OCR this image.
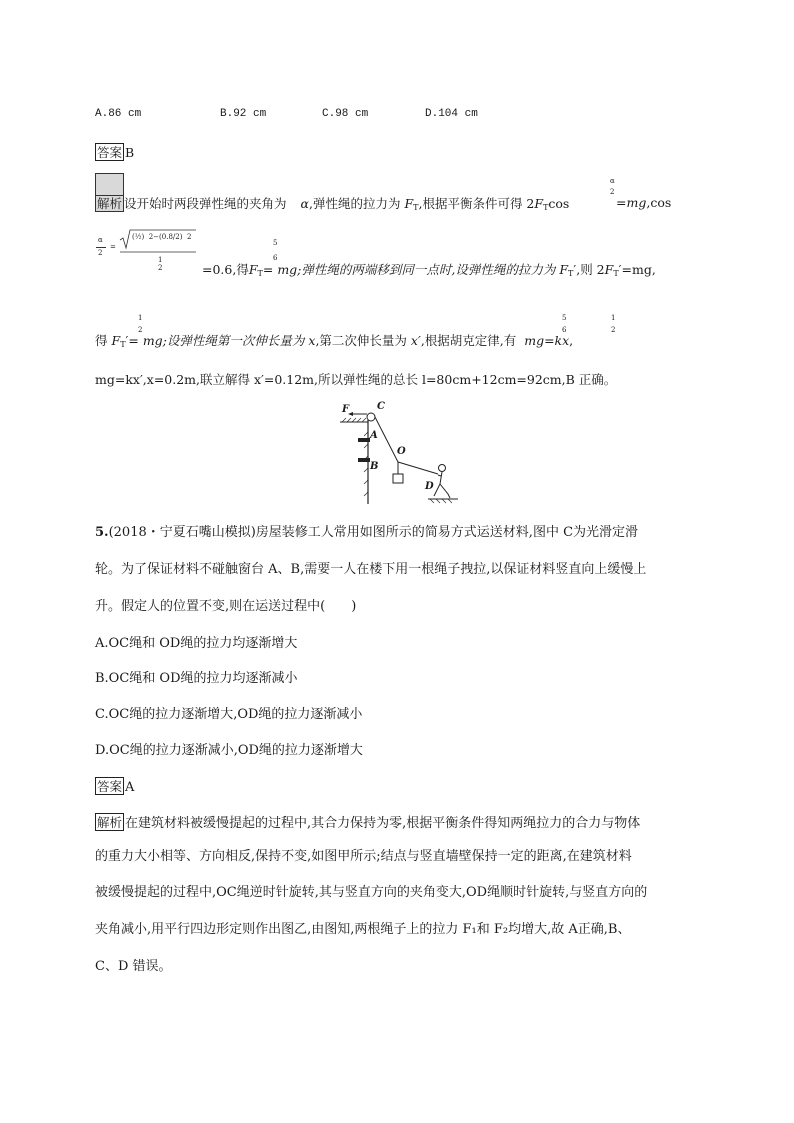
A.86 cm	B.92 cm	C.98 cm	D.104 cm
答案 B
解析 设开始时两段弹性绳的夹角为 α,弹性绳的拉力为 $F_T$,根据平衡条件可得 $2F_T\cos$
α
2
=mg,cos
α
2
=
(½) 2−(0.8/2) 2
1
2
5
6
=0.6,得$F_T=$ mg;弹性绳的两端移到同一点时,设弹性绳的拉力为 $F_T'$,则 $2F_T'=mg$,
1
2
5
6
1
2
得 $F_T'=$ mg;设弹性绳第一次伸长量为 x,第二次伸长量为 x′,根据胡克定律,有 mg=kx,
mg=kx′,x=0.2m,联立解得 x′=0.12m,所以弹性绳的总长 l=80cm+12cm=92cm,B 正确。
F	C
A
B
O
D
5.(2018・宁夏石嘴山模拟)房屋装修工人常用如图所示的简易方式运送材料,图中 C为光滑定滑
轮。为了保证材料不碰触窗台 A、B,需要一人在楼下用一根绳子拽拉,以保证材料竖直向上缓慢上
升。假定人的位置不变,则在运送过程中(　　)
A.OC绳和 OD绳的拉力均逐渐增大
B.OC绳和 OD绳的拉力均逐渐减小
C.OC绳的拉力逐渐增大,OD绳的拉力逐渐减小
D.OC绳的拉力逐渐减小,OD绳的拉力逐渐增大
答案 A
解析 在建筑材料被缓慢提起的过程中,其合力保持为零,根据平衡条件得知两绳拉力的合力与物体
的重力大小相等、方向相反,保持不变,如图甲所示;结点与竖直墙壁保持一定的距离,在建筑材料
被缓慢提起的过程中,OC绳逆时针旋转,其与竖直方向的夹角变大,OD绳顺时针旋转,与竖直方向的
夹角减小,用平行四边形定则作出图乙,由图知,两根绳子上的拉力 F₁和 F₂均增大,故 A正确,B、
C、D 错误。
